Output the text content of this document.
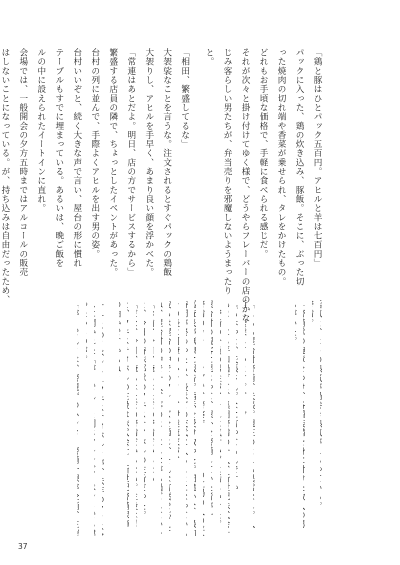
「鶏と豚はひとパック五百円。アヒルと羊は七百円」
パックに入った、鶏の炊き込み、豚飯。そこに、ぶった切
った焼肉の切れ端や香菜が乗せられ、タレをかけたもの。
どれもお手頃な価格で、手軽に食べられる感じだ。
それが次々と掛け付けてゆく様で、どうやらフレーバーの店のかな
じみ客らしい男たちが、弁当売りを邪魔しないようまったり
と。
「相田、繁盛してるな」
大袈裟なことを言うな。注文されるとすぐパックの鶏飯
大袈りし、アヒルを手早く、あまり良い顔を浮かべた。
「常連はあとだよ。明日、店の方でサービスするから」
繁盛する店員の隣で、ちょっとしたイベントがあった。
台村の列に並んで、手際よくアヒルを出す男の姿。
台村いいぞと、続く大きな声で言い、屋台の形に慣れ
テーブルもすでに埋まっている。あるいは、晩ご飯を
ルの中に設えられたイートインに直れ。
会場では、一般開会の夕方五時まではアルコールの販売
はしないことになっている。が、持ち込みは自由だったため、
37
